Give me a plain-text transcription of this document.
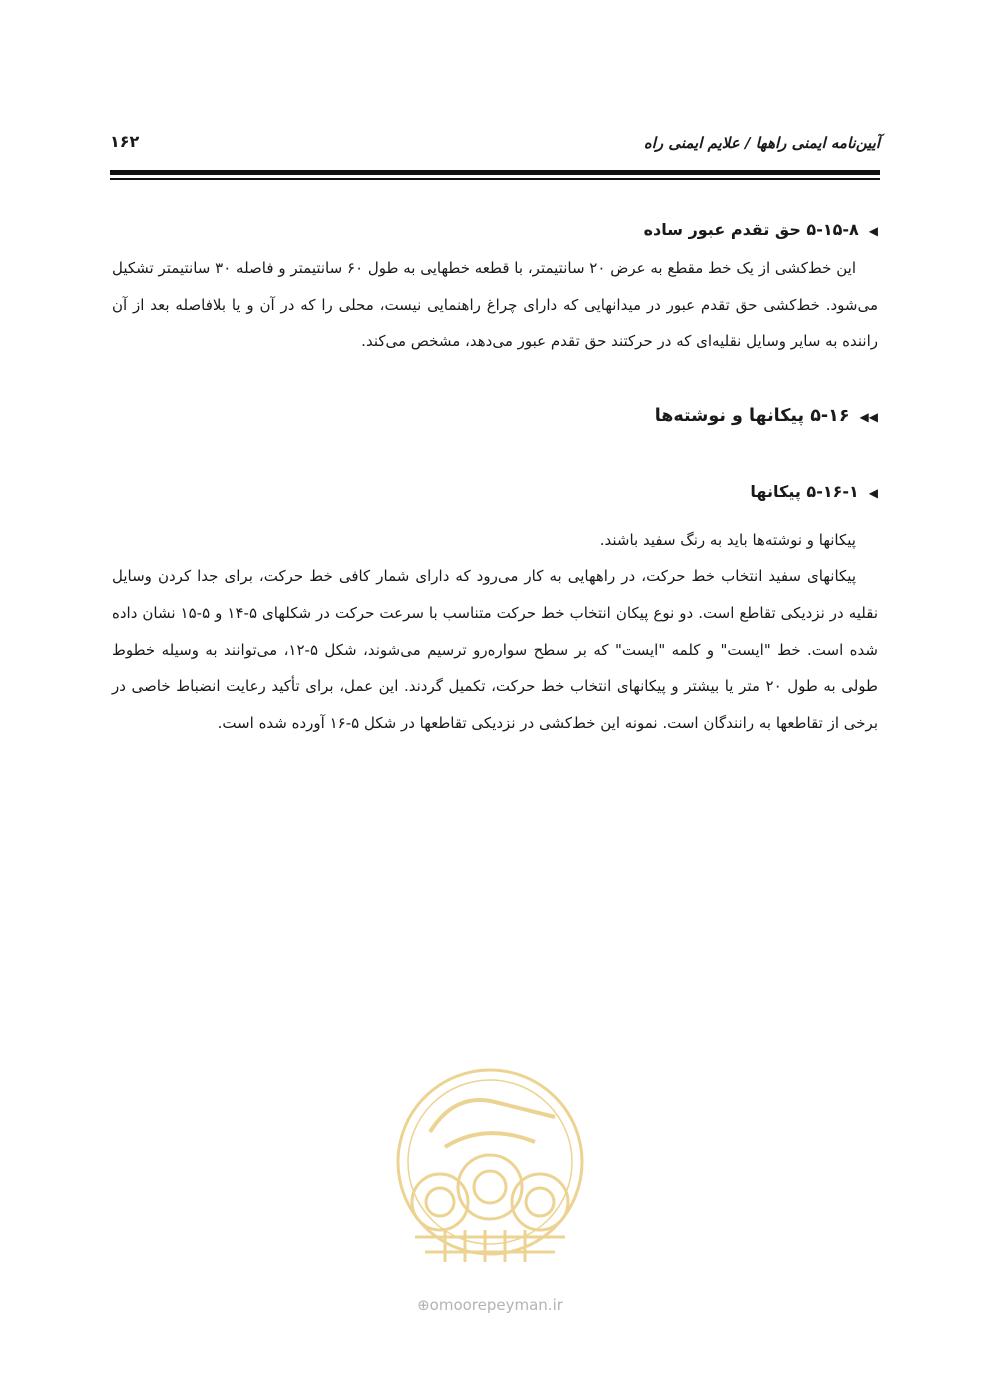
آیین‌نامه ایمنی راهها / علایم ایمنی راه
۱۶۲
◀۵-۱۵-۸ حق تقدم عبور ساده

این خط‌کشی از یک خط مقطع به عرض ۲۰ سانتیمتر، با قطعه خطهایی به طول ۶۰ سانتیمتر و فاصله ۳۰ سانتیمتر تشکیل می‌شود. خط‌کشی حق تقدم عبور در میدانهایی که دارای چراغ راهنمایی نیست، محلی را که در آن و یا بلافاصله بعد از آن راننده به سایر وسایل نقلیه‌ای که در حرکتند حق تقدم عبور می‌دهد، مشخص می‌کند.

◀◀۵-۱۶ پیکانها و نوشته‌ها
◀۵-۱۶-۱ پیکانها

پیکانها و نوشته‌ها باید به رنگ سفید باشند.

پیکانهای سفید انتخاب خط حرکت، در راههایی به کار می‌رود که دارای شمار کافی خط حرکت، برای جدا کردن وسایل نقلیه در نزدیکی تقاطع است. دو نوع پیکان انتخاب خط حرکت متناسب با سرعت حرکت در شکلهای ۵-۱۴ و ۵-۱۵ نشان داده شده است. خط "ایست" و کلمه "ایست" که بر سطح سواره‌رو ترسیم می‌شوند، شکل ۵-۱۲، می‌توانند به وسیله خطوط طولی به طول ۲۰ متر یا بیشتر و پیکانهای انتخاب خط حرکت، تکمیل گردند. این عمل، برای تأکید رعایت انضباط خاصی در برخی از تقاطعها به رانندگان است. نمونه این خط‌کشی در نزدیکی تقاطعها در شکل ۵-۱۶ آورده شده است.

⊕omoorepeyman.ir
